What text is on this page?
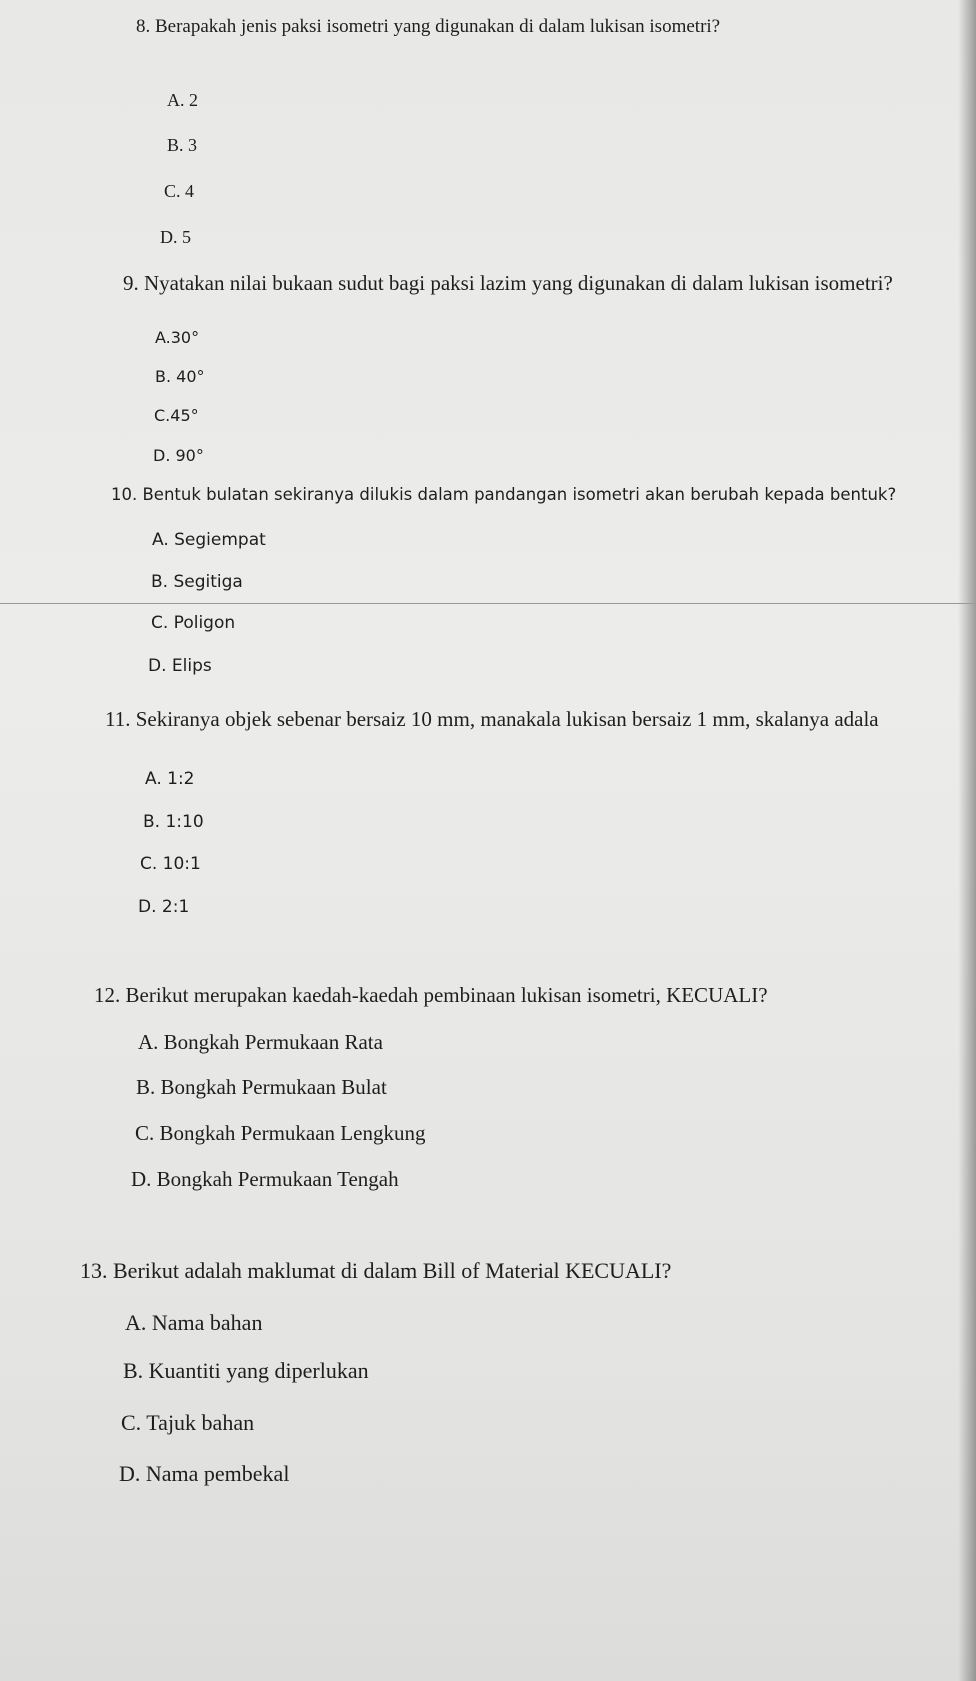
8. Berapakah jenis paksi isometri yang digunakan di dalam lukisan isometri?
A. 2
B. 3
C. 4
D. 5
9. Nyatakan nilai bukaan sudut bagi paksi lazim yang digunakan di dalam lukisan isometri?
A.30°
B. 40°
C.45°
D. 90°
10. Bentuk bulatan sekiranya dilukis dalam pandangan isometri akan berubah kepada bentuk?
A. Segiempat
B. Segitiga
C. Poligon
D. Elips
11. Sekiranya objek sebenar bersaiz 10 mm, manakala lukisan bersaiz 1 mm, skalanya adala
A. 1:2
B. 1:10
C. 10:1
D. 2:1
12. Berikut merupakan kaedah-kaedah pembinaan lukisan isometri, KECUALI?
A. Bongkah Permukaan Rata
B. Bongkah Permukaan Bulat
C. Bongkah Permukaan Lengkung
D. Bongkah Permukaan Tengah
13. Berikut adalah maklumat di dalam Bill of Material KECUALI?
A. Nama bahan
B. Kuantiti yang diperlukan
C. Tajuk bahan
D. Nama pembekal
